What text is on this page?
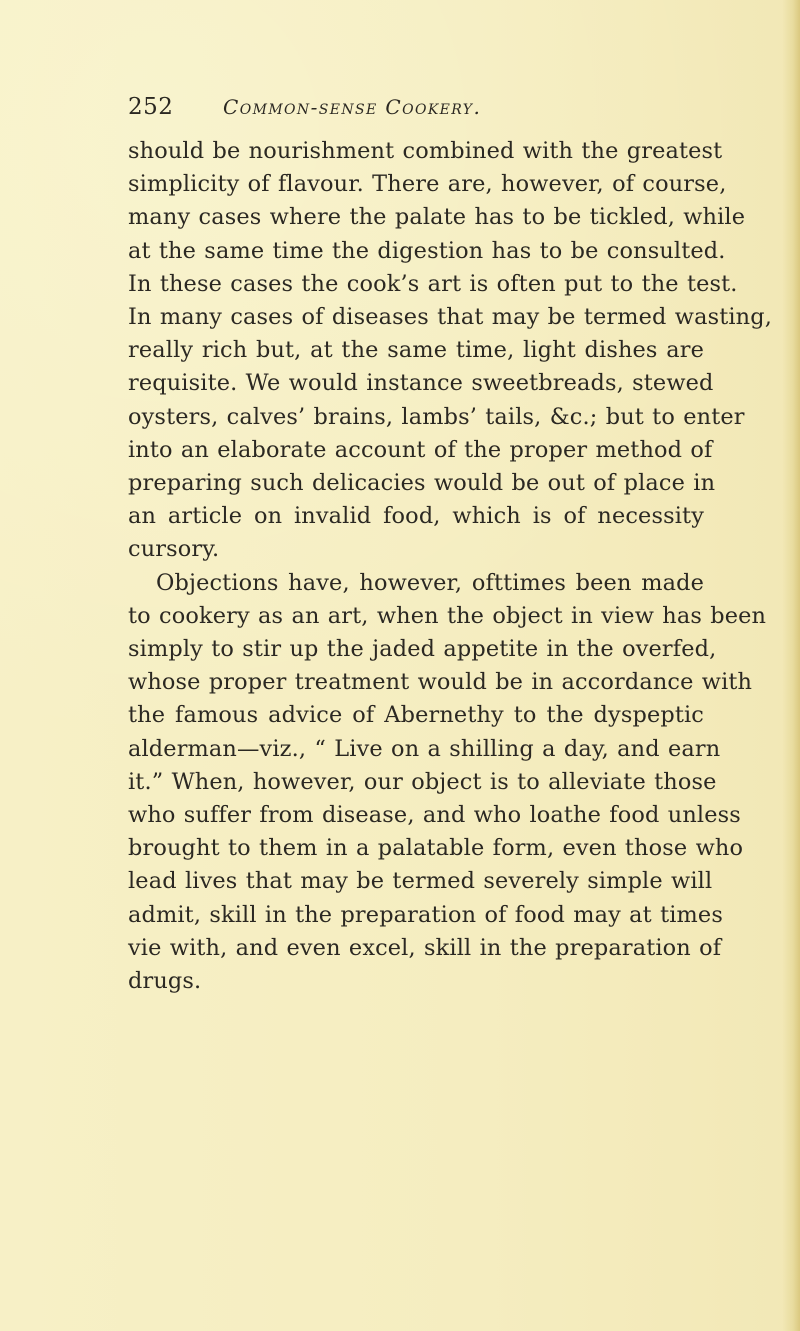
252 Common-sense Cookery.
should be nourishment combined with the greatest
simplicity of flavour. There are, however, of course,
many cases where the palate has to be tickled, while
at the same time the digestion has to be consulted.
In these cases the cook’s art is often put to the test.
In many cases of diseases that may be termed wasting,
really rich but, at the same time, light dishes are
requisite. We would instance sweetbreads, stewed
oysters, calves’ brains, lambs’ tails, &c.; but to enter
into an elaborate account of the proper method of
preparing such delicacies would be out of place in
an article on invalid food, which is of necessity
cursory.
Objections have, however, ofttimes been made
to cookery as an art, when the object in view has been
simply to stir up the jaded appetite in the overfed,
whose proper treatment would be in accordance with
the famous advice of Abernethy to the dyspeptic
alderman—viz., “ Live on a shilling a day, and earn
it.” When, however, our object is to alleviate those
who suffer from disease, and who loathe food unless
brought to them in a palatable form, even those who
lead lives that may be termed severely simple will
admit, skill in the preparation of food may at times
vie with, and even excel, skill in the preparation of
drugs.
